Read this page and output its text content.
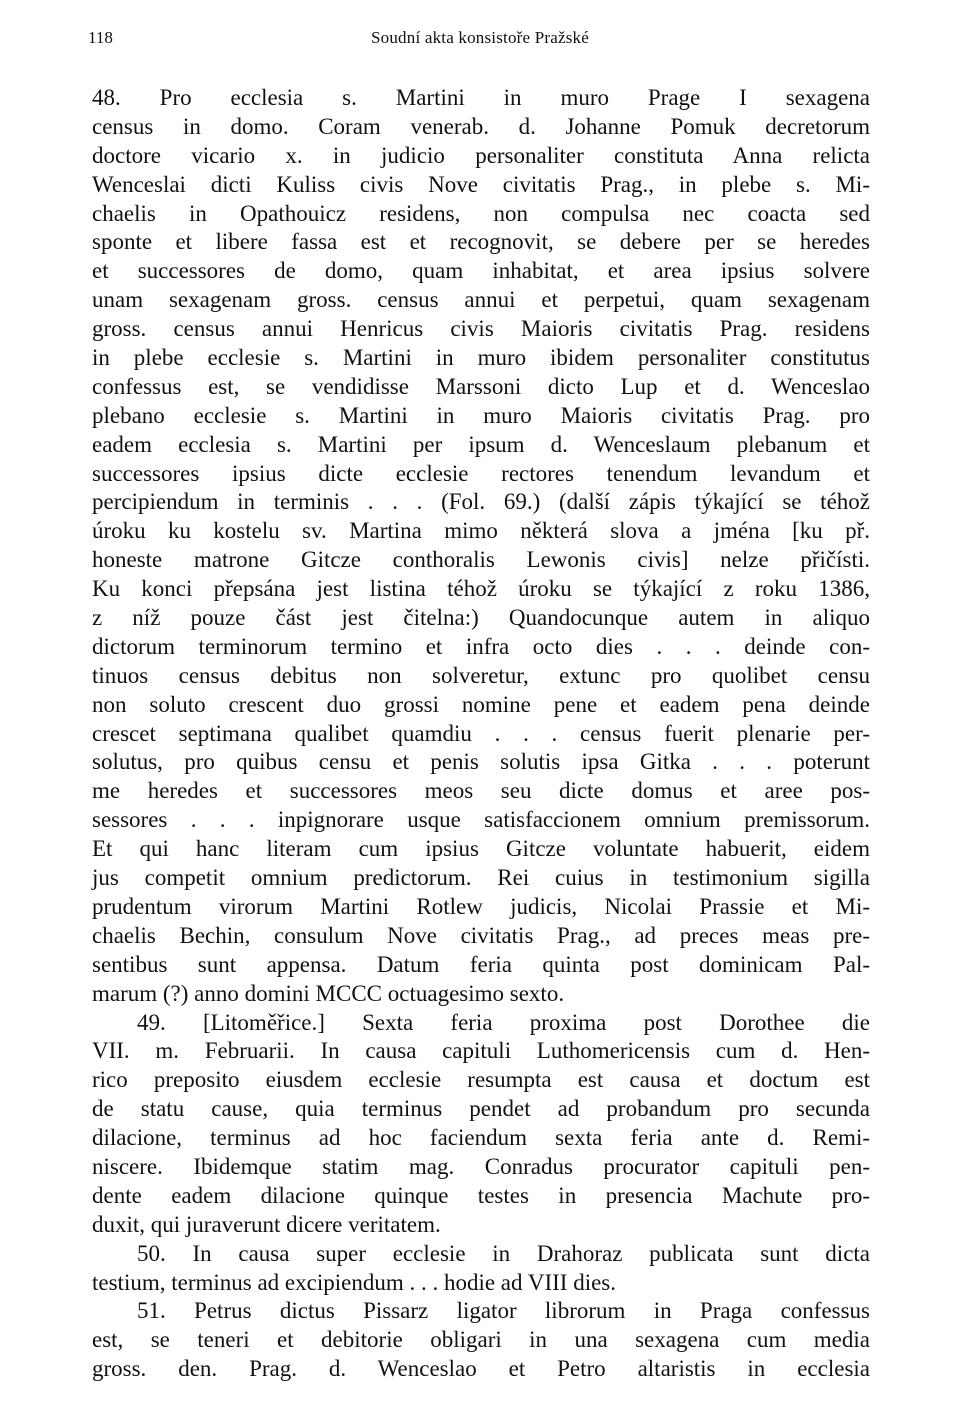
118	Soudní akta konsistoře Pražské
48. Pro ecclesia s. Martini in muro Prage I sexagena
census in domo. Coram venerab. d. Johanne Pomuk decretorum
doctore vicario x. in judicio personaliter constituta Anna relicta
Wenceslai dicti Kuliss civis Nove civitatis Prag., in plebe s. Mi-
chaelis in Opathouicz residens, non compulsa nec coacta sed
sponte et libere fassa est et recognovit, se debere per se heredes
et successores de domo, quam inhabitat, et area ipsius solvere
unam sexagenam gross. census annui et perpetui, quam sexagenam
gross. census annui Henricus civis Maioris civitatis Prag. residens
in plebe ecclesie s. Martini in muro ibidem personaliter constitutus
confessus est, se vendidisse Marssoni dicto Lup et d. Wenceslao
plebano ecclesie s. Martini in muro Maioris civitatis Prag. pro
eadem ecclesia s. Martini per ipsum d. Wenceslaum plebanum et
successores ipsius dicte ecclesie rectores tenendum levandum et
percipiendum in terminis . . . (Fol. 69.) (další zápis týkající se téhož
úroku ku kostelu sv. Martina mimo některá slova a jména [ku př.
honeste matrone Gitcze conthoralis Lewonis civis] nelze přičísti.
Ku konci přepsána jest listina téhož úroku se týkající z roku 1386,
z níž pouze část jest čitelna:) Quandocunque autem in aliquo
dictorum terminorum termino et infra octo dies . . . deinde con-
tinuos census debitus non solveretur, extunc pro quolibet censu
non soluto crescent duo grossi nomine pene et eadem pena deinde
crescet septimana qualibet quamdiu . . . census fuerit plenarie per-
solutus, pro quibus censu et penis solutis ipsa Gitka . . . poterunt
me heredes et successores meos seu dicte domus et aree pos-
sessores . . . inpignorare usque satisfaccionem omnium premissorum.
Et qui hanc literam cum ipsius Gitcze voluntate habuerit, eidem
jus competit omnium predictorum. Rei cuius in testimonium sigilla
prudentum virorum Martini Rotlew judicis, Nicolai Prassie et Mi-
chaelis Bechin, consulum Nove civitatis Prag., ad preces meas pre-
sentibus sunt appensa. Datum feria quinta post dominicam Pal-
marum (?) anno domini MCCC octuagesimo sexto.
49. [Litoměřice.] Sexta feria proxima post Dorothee die
VII. m. Februarii. In causa capituli Luthomericensis cum d. Hen-
rico preposito eiusdem ecclesie resumpta est causa et doctum est
de statu cause, quia terminus pendet ad probandum pro secunda
dilacione, terminus ad hoc faciendum sexta feria ante d. Remi-
niscere. Ibidemque statim mag. Conradus procurator capituli pen-
dente eadem dilacione quinque testes in presencia Machute pro-
duxit, qui juraverunt dicere veritatem.
50. In causa super ecclesie in Drahoraz publicata sunt dicta
testium, terminus ad excipiendum . . . hodie ad VIII dies.
51. Petrus dictus Pissarz ligator librorum in Praga confessus
est, se teneri et debitorie obligari in una sexagena cum media
gross. den. Prag. d. Wenceslao et Petro altaristis in ecclesia
